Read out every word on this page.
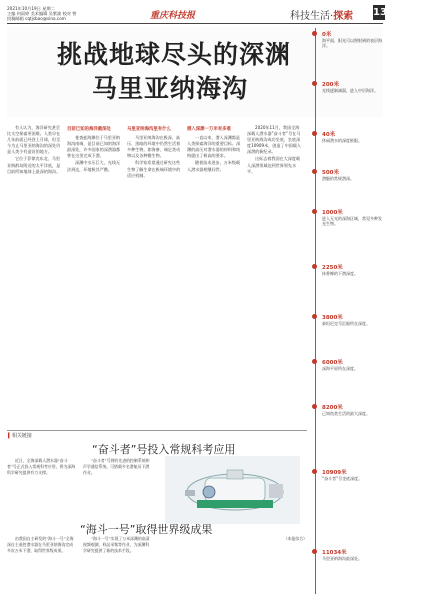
2021年10月19日 星期二
主编 何雨婷 美术编辑 吴紫渝 校对 曾
投稿邮箱 cqtjsbao@sina.com	重庆科技报	科技生活·探索 13
挑战地球尽头的深渊
马里亚纳海沟

有人认为，海洋研究甚至比太空探索更困难。人类早在几年前就已经登上月球，但至今为止马里亚纳海沟的深处仍是人类少有造访的地方。

它位于菲律宾东北、马里亚纳群岛附近的太平洋底，是目前所知地球上最深的海沟。

目前已知的海洋最深处

斐查兹海渊位于马里亚纳海沟南端，是目前已知的海洋最深处，许多国家的深潜器都曾在这里完成下潜。

深渊中水压巨大，光线无法到达，环境极其严酷。

马里亚纳海沟里有什么

马里亚纳海沟在极深、高压、黑暗的环境中仍然生活着多种生物，如海参、端足类动物以及各种微生物。

科学家希望通过研究这些生物了解生命在极端环境中的适应机制。

潜入深渊一万米有多难

一直以来，潜入深渊都是人类探索海洋的重要目标。深渊的高压对潜水器的材料和结构提出了极高的要求。

随着技术进步，万米级载人潜水器相继问世。

2020年11月，我国全海深载人潜水器“奋斗者”号在马里亚纳海沟成功坐底，坐底深度10909米，创造了中国载人深潜的新纪录。

这标志着我国在大深度载人深潜领域达到世界领先水平。

▍相关链接
“奋斗者”号投入常规科考应用

近日，全海深载人潜水器“奋斗者”号正式投入常规科考应用，将为深海科学研究提供有力支撑。

“奋斗者”号拥有先进的控制系统和声学通信系统，可搭载多名潜航员下潜作业。

“海斗一号”取得世界级成果

由我国自主研发的“海斗一号”全海深自主遥控潜水器在马里亚纳海沟完成多次万米下潜，取得世界级成果。

“海斗一号”实现了万米深渊的高清视频观测、样品采集等作业，为深渊科学研究提供了新的技术手段。

（本报综合）

0米
海平面，阳光可以照射到的表层海洋。
200米
光线逐渐减弱，进入中层海洋。
40米
休闲潜水的深度极限。
500米
潜艇的常规潜深。
1000米
进入无光的深海区域，常见多种发光生物。
2250米
抹香鲸的下潜深度。
3800米
泰坦尼克号沉船所在深度。
6000米
深海平原所在深度。
8200米
已知鱼类生活的最大深度。
10909米
“奋斗者”号坐底深度。
11034米
马里亚纳海沟最深处。
